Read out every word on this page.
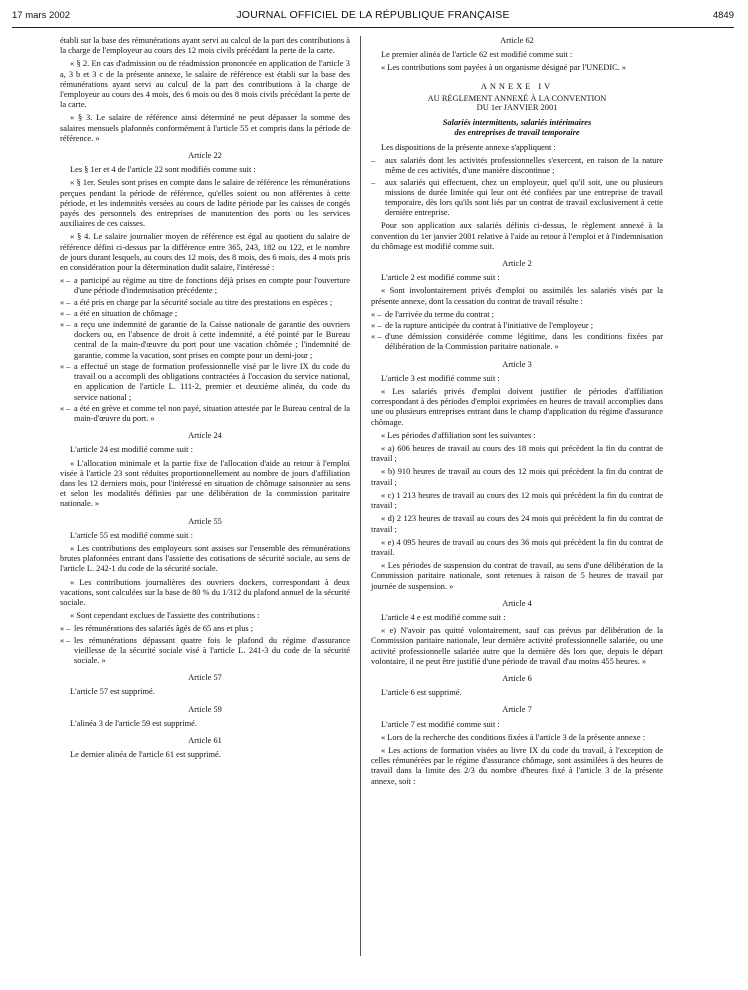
17 mars 2002	JOURNAL OFFICIEL DE LA RÉPUBLIQUE FRANÇAISE	4849

établi sur la base des rémunérations ayant servi au calcul de la part des contributions à la charge de l'employeur au cours des 12 mois civils précédant la perte de la carte.

« § 2. En cas d'admission ou de réadmission prononcée en application de l'article 3 a, 3 b et 3 c de la présente annexe, le salaire de référence est établi sur la base des rémunérations ayant servi au calcul de la part des contributions à la charge de l'employeur au cours des 4 mois, des 6 mois ou des 8 mois civils précédant la perte de la carte.

« § 3. Le salaire de référence ainsi déterminé ne peut dépasser la somme des salaires mensuels plafonnés conformément à l'article 55 et compris dans la période de référence. »

Article 22

Les § 1er et 4 de l'article 22 sont modifiés comme suit :

« § 1er. Seules sont prises en compte dans le salaire de référence les rémunérations perçues pendant la période de référence, qu'elles soient ou non afférentes à cette période, et les indemnités versées au cours de ladite période par les caisses de congés payés des personnels des entreprises de manutention des ports ou les services auxiliaires de ces caisses.

« § 4. Le salaire journalier moyen de référence est égal au quotient du salaire de référence défini ci-dessus par la différence entre 365, 243, 182 ou 122, et le nombre de jours durant lesquels, au cours des 12 mois, des 8 mois, des 6 mois, des 4 mois pris en considération pour la détermination dudit salaire, l'intéressé :

« – a participé au régime au titre de fonctions déjà prises en compte pour l'ouverture d'une période d'indemnisation précédente ;
« – a été pris en charge par la sécurité sociale au titre des prestations en espèces ;
« – a été en situation de chômage ;
« – a reçu une indemnité de garantie de la Caisse nationale de garantie des ouvriers dockers ou, en l'absence de droit à cette indemnité, a été pointé par le Bureau central de la main-d'œuvre du port pour une vacation chômée ; l'indemnité de garantie, comme la vacation, sont prises en compte pour un demi-jour ;
« – a effectué un stage de formation professionnelle visé par le livre IX du code du travail ou a accompli des obligations contractées à l'occasion du service national, en application de l'article L. 111-2, premier et deuxième alinéa, du code du service national ;
« – a été en grève et comme tel non payé, situation attestée par le Bureau central de la main-d'œuvre du port. »
Article 24

L'article 24 est modifié comme suit :

« L'allocation minimale et la partie fixe de l'allocation d'aide au retour à l'emploi visée à l'article 23 sont réduites proportionnellement au nombre de jours d'affiliation dans les 12 derniers mois, pour l'intéressé en situation de chômage saisonnier au sens et selon les modalités définies par une délibération de la commission paritaire nationale. »

Article 55

L'article 55 est modifié comme suit :

« Les contributions des employeurs sont assises sur l'ensemble des rémunérations brutes plafonnées entrant dans l'assiette des cotisations de sécurité sociale, au sens de l'article L. 242-1 du code de la sécurité sociale.

« Les contributions journalières des ouvriers dockers, correspondant à deux vacations, sont calculées sur la base de 80 % du 1/312 du plafond annuel de la sécurité sociale.

« Sont cependant exclues de l'assiette des contributions :

« – les rémunérations des salariés âgés de 65 ans et plus ;
« – les rémunérations dépassant quatre fois le plafond du régime d'assurance vieillesse de la sécurité sociale visé à l'article L. 241-3 du code de la sécurité sociale. »
Article 57

L'article 57 est supprimé.

Article 59

L'alinéa 3 de l'article 59 est supprimé.

Article 61

Le dernier alinéa de l'article 61 est supprimé.

Article 62

Le premier alinéa de l'article 62 est modifié comme suit :

« Les contributions sont payées à un organisme désigné par l'UNEDIC. »

ANNEXE IV

AU RÈGLEMENT ANNEXÉ À LA CONVENTION

DU 1er JANVIER 2001

Salariés intermittents, salariés intérimaires
des entreprises de travail temporaire

Les dispositions de la présente annexe s'appliquent :

– aux salariés dont les activités professionnelles s'exercent, en raison de la nature même de ces activités, d'une manière discontinue ;
– aux salariés qui effectuent, chez un employeur, quel qu'il soit, une ou plusieurs missions de durée limitée qui leur ont été confiées par une entreprise de travail temporaire, dès lors qu'ils sont liés par un contrat de travail exclusivement à cette dernière entreprise.

Pour son application aux salariés définis ci-dessus, le règlement annexé à la convention du 1er janvier 2001 relative à l'aide au retour à l'emploi et à l'indemnisation du chômage est modifié comme suit.

Article 2

L'article 2 est modifié comme suit :

« Sont involontairement privés d'emploi ou assimilés les salariés visés par la présente annexe, dont la cessation du contrat de travail résulte :

« – de l'arrivée du terme du contrat ;
« – de la rupture anticipée du contrat à l'initiative de l'employeur ;
« – d'une démission considérée comme légitime, dans les conditions fixées par délibération de la Commission paritaire nationale. »
Article 3

L'article 3 est modifié comme suit :

« Les salariés privés d'emploi doivent justifier de périodes d'affiliation correspondant à des périodes d'emploi exprimées en heures de travail accomplies dans une ou plusieurs entreprises entrant dans le champ d'application du régime d'assurance chômage.

« Les périodes d'affiliation sont les suivantes :

« a) 606 heures de travail au cours des 18 mois qui précèdent la fin du contrat de travail ;

« b) 910 heures de travail au cours des 12 mois qui précèdent la fin du contrat de travail ;

« c) 1 213 heures de travail au cours des 12 mois qui précèdent la fin du contrat de travail ;

« d) 2 123 heures de travail au cours des 24 mois qui précèdent la fin du contrat de travail ;

« e) 4 095 heures de travail au cours des 36 mois qui précèdent la fin du contrat de travail.

« Les périodes de suspension du contrat de travail, au sens d'une délibération de la Commission paritaire nationale, sont retenues à raison de 5 heures de travail par journée de suspension. »

Article 4

L'article 4 e est modifié comme suit :

« e) N'avoir pas quitté volontairement, sauf cas prévus par délibération de la Commission paritaire nationale, leur dernière activité professionnelle salariée, ou une activité professionnelle salariée autre que la dernière dès lors que, depuis le départ volontaire, il ne peut être justifié d'une période de travail d'au moins 455 heures. »

Article 6

L'article 6 est supprimé.

Article 7

L'article 7 est modifié comme suit :

« Lors de la recherche des conditions fixées à l'article 3 de la présente annexe :

« Les actions de formation visées au livre IX du code du travail, à l'exception de celles rémunérées par le régime d'assurance chômage, sont assimilées à des heures de travail dans la limite des 2/3 du nombre d'heures fixé à l'article 3 de la présente annexe, soit :
